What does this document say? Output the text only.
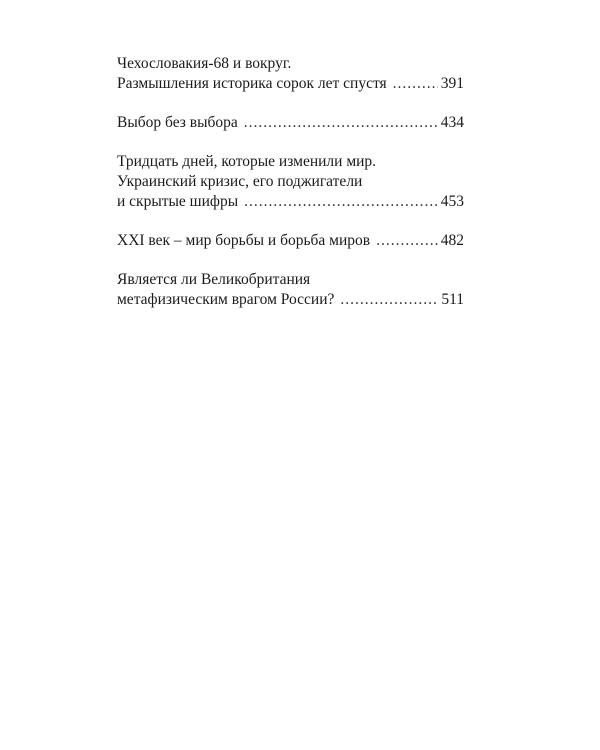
Чехословакия-68 и вокруг.
Размышления историка сорок лет спустя .....	391
Выбор без выбора .....	434
Тридцать дней, которые изменили мир.
Украинский кризис, его поджигатели
и скрытые шифры .....	453
XXI век – мир борьбы и борьба миров .....	482
Является ли Великобритания
метафизическим врагом России? .....	511
